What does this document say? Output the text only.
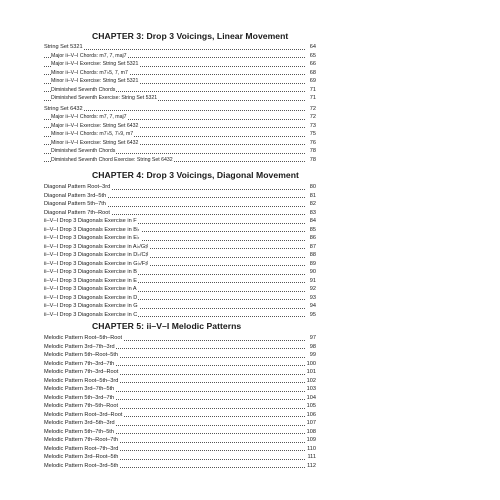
CHAPTER 3: Drop 3 Voicings, Linear Movement
String Set 5321	64
Major ii–V–I Chords: m7, 7, maj7	65
Major ii–V–I Exercise: String Set 5321	66
Minor ii–V–I Chords: m7♭5, 7, m7	68
Minor ii–V–I Exercise: String Set 5321	69
Diminished Seventh Chords	71
Diminished Seventh Exercise: String Set 5321	71
String Set 6432	72
Major ii–V–I Chords: m7, 7, maj7	72
Major ii–V–I Exercise: String Set 6432	73
Minor ii–V–I Chords: m7♭5, 7♭9, m7	75
Minor ii–V–I Exercise: String Set 6432	76
Diminished Seventh Chords	78
Diminished Seventh Chord Exercise: String Set 6432	78
CHAPTER 4: Drop 3 Voicings, Diagonal Movement
Diagonal Pattern Root–3rd	80
Diagonal Pattern 3rd–5th	81
Diagonal Pattern 5th–7th	82
Diagonal Pattern 7th–Root	83
ii–V–I Drop 3 Diagonals Exercise in F	84
ii–V–I Drop 3 Diagonals Exercise in B♭	85
ii–V–I Drop 3 Diagonals Exercise in E♭	86
ii–V–I Drop 3 Diagonals Exercise in A♭/G♯	87
ii–V–I Drop 3 Diagonals Exercise in D♭/C♯	88
ii–V–I Drop 3 Diagonals Exercise in G♭/F♯	89
ii–V–I Drop 3 Diagonals Exercise in B	90
ii–V–I Drop 3 Diagonals Exercise in E	91
ii–V–I Drop 3 Diagonals Exercise in A	92
ii–V–I Drop 3 Diagonals Exercise in D	93
ii–V–I Drop 3 Diagonals Exercise in G	94
ii–V–I Drop 3 Diagonals Exercise in C	95
CHAPTER 5: ii–V–I Melodic Patterns
Melodic Pattern Root–5th–Root	97
Melodic Pattern 3rd–7th–3rd	98
Melodic Pattern 5th–Root–5th	99
Melodic Pattern 7th–3rd–7th	100
Melodic Pattern 7th–3rd–Root	101
Melodic Pattern Root–5th–3rd	102
Melodic Pattern 3rd–7th–5th	103
Melodic Pattern 5th–3rd–7th	104
Melodic Pattern 7th–5th–Root	105
Melodic Pattern Root–3rd–Root	106
Melodic Pattern 3rd–5th–3rd	107
Melodic Pattern 5th–7th–5th	108
Melodic Pattern 7th–Root–7th	109
Melodic Pattern Root–7th–3rd	110
Melodic Pattern 3rd–Root–5th	111
Melodic Pattern Root–3rd–5th	112
